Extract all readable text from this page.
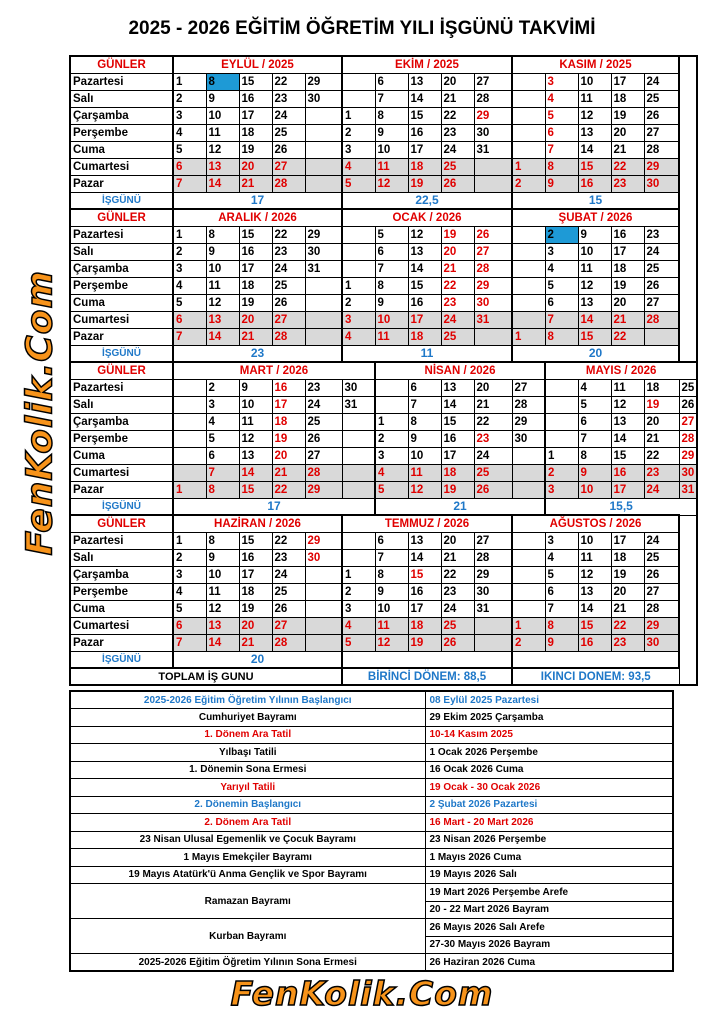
2025 - 2026 EĞİTİM ÖĞRETİM YILI İŞGÜNÜ TAKVİMİ
FenKolik.Com
GÜNLER	EYLÜL / 2025					EKİM / 2025					KASIM / 2025					
Pazartesi	1	8	15	22	29		6	13	20	27		3	10	17	24	
Salı	2	9	16	23	30		7	14	21	28		4	11	18	25	
Çarşamba	3	10	17	24		1	8	15	22	29		5	12	19	26	
Perşembe	4	11	18	25		2	9	16	23	30		6	13	20	27	
Cuma	5	12	19	26		3	10	17	24	31		7	14	21	28	
Cumartesi	6	13	20	27		4	11	18	25		1	8	15	22	29	
Pazar	7	14	21	28		5	12	19	26		2	9	16	23	30	
İŞGÜNÜ	17					22,5					15					
GÜNLER	ARALIK / 2026					OCAK / 2026					ŞUBAT / 2026					
Pazartesi	1	8	15	22	29		5	12	19	26		2	9	16	23	
Salı	2	9	16	23	30		6	13	20	27		3	10	17	24	
Çarşamba	3	10	17	24	31		7	14	21	28		4	11	18	25	
Perşembe	4	11	18	25		1	8	15	22	29		5	12	19	26	
Cuma	5	12	19	26		2	9	16	23	30		6	13	20	27	
Cumartesi	6	13	20	27		3	10	17	24	31		7	14	21	28	
Pazar	7	14	21	28		4	11	18	25		1	8	15	22		
İŞGÜNÜ	23					11					20					
GÜNLER	MART / 2026						NİSAN / 2026					MAYIS / 2026				
Pazartesi		2	9	16	23	30		6	13	20	27		4	11	18	25
Salı		3	10	17	24	31		7	14	21	28		5	12	19	26
Çarşamba		4	11	18	25		1	8	15	22	29		6	13	20	27
Perşembe		5	12	19	26		2	9	16	23	30		7	14	21	28
Cuma		6	13	20	27		3	10	17	24		1	8	15	22	29
Cumartesi		7	14	21	28		4	11	18	25		2	9	16	23	30
Pazar	1	8	15	22	29		5	12	19	26		3	10	17	24	31
İŞGÜNÜ	17						21					15,5				
GÜNLER	HAZİRAN / 2026					TEMMUZ / 2026					AĞUSTOS / 2026					
Pazartesi	1	8	15	22	29		6	13	20	27		3	10	17	24	
Salı	2	9	16	23	30		7	14	21	28		4	11	18	25	
Çarşamba	3	10	17	24		1	8	15	22	29		5	12	19	26	
Perşembe	4	11	18	25		2	9	16	23	30		6	13	20	27	
Cuma	5	12	19	26		3	10	17	24	31		7	14	21	28	
Cumartesi	6	13	20	27		4	11	18	25		1	8	15	22	29	
Pazar	7	14	21	28		5	12	19	26		2	9	16	23	30	
İŞGÜNÜ	20															
TOPLAM İŞ GUNU						BİRİNCİ DÖNEM: 88,5					IKINCI DONEM: 93,5					
2025-2026 Eğitim Öğretim Yılının Başlangıcı	08 Eylül 2025 Pazartesi
Cumhuriyet Bayramı	29 Ekim 2025 Çarşamba
1. Dönem Ara Tatil	10-14 Kasım 2025
Yılbaşı Tatili	1 Ocak 2026 Perşembe
1. Dönemin Sona Ermesi	16 Ocak 2026 Cuma
Yarıyıl Tatili	19 Ocak - 30 Ocak 2026
2. Dönemin Başlangıcı	2 Şubat 2026 Pazartesi
2. Dönem Ara Tatil	16 Mart - 20 Mart 2026
23 Nisan Ulusal Egemenlik ve Çocuk Bayramı	23 Nisan 2026 Perşembe
1 Mayıs Emekçiler Bayramı	1 Mayıs 2026 Cuma
19 Mayıs Atatürk'ü Anma Gençlik ve Spor Bayramı	19 Mayıs 2026 Salı
Ramazan Bayramı	19 Mart 2026 Perşembe Arefe
	20 - 22 Mart 2026 Bayram
Kurban Bayramı	26 Mayıs 2026 Salı Arefe
	27-30 Mayıs 2026 Bayram
2025-2026 Eğitim Öğretim Yılının Sona Ermesi	26 Haziran 2026 Cuma
FenKolik.Com
